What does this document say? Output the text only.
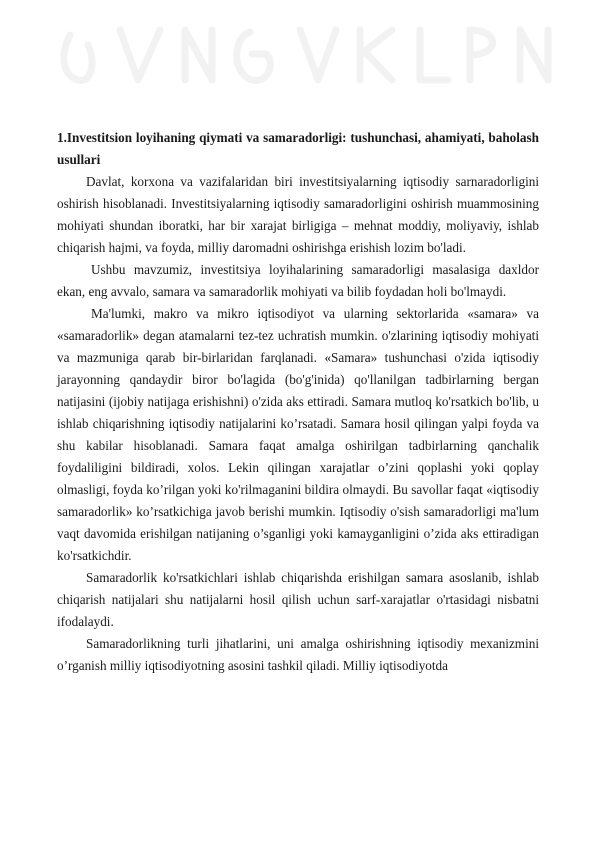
1.Investitsion loyihaning qiymati va samaradorligi: tushunchasi, ahamiyati, baholash usullari

Davlat, korxona va vazifalaridan biri investitsiyalarning iqtisodiy sarnaradorligini oshirish hisoblanadi. Investitsiyalarning iqtisodiy samaradorligini oshirish muammosining mohiyati shundan iboratki, har bir xarajat birligiga – mehnat moddiy, moliyaviy, ishlab chiqarish hajmi, va foyda, milliy daromadni oshirishga erishish lozim bo'ladi.

Ushbu mavzumiz, investitsiya loyihalarining samaradorligi masalasiga daxldor ekan, eng avvalo, samara va samaradorlik mohiyati va bilib foydadan holi bo'lmaydi.

Ma'lumki, makro va mikro iqtisodiyot va ularning sektorlarida «samara» va «samaradorlik» degan atamalarni tez-tez uchratish mumkin. o'zlarining iqtisodiy mohiyati va mazmuniga qarab bir-birlaridan farqlanadi. «Samara» tushunchasi o'zida iqtisodiy jarayonning qandaydir biror bo'lagida (bo'g'inida) qo'llanilgan tadbirlarning bergan natijasini (ijobiy natijaga erishishni) o'zida aks ettiradi. Samara mutloq ko'rsatkich bo'lib, u ishlab chiqarishning iqtisodiy natijalarini ko’rsatadi. Samara hosil qilingan yalpi foyda va shu kabilar hisoblanadi. Samara faqat amalga oshirilgan tadbirlarning qanchalik foydaliligini bildiradi, xolos. Lekin qilingan xarajatlar o’zini qoplashi yoki qoplay olmasligi, foyda ko’rilgan yoki ko'rilmaganini bildira olmaydi. Bu savollar faqat «iqtisodiy samaradorlik» ko’rsatkichiga javob berishi mumkin. Iqtisodiy o'sish samaradorligi ma'lum vaqt davomida erishilgan natijaning o’sganligi yoki kamayganligini o’zida aks ettiradigan ko'rsatkichdir.

Samaradorlik ko'rsatkichlari ishlab chiqarishda erishilgan samara asoslanib, ishlab chiqarish natijalari shu natijalarni hosil qilish uchun sarf-xarajatlar o'rtasidagi nisbatni ifodalaydi.

Samaradorlikning turli jihatlarini, uni amalga oshirishning iqtisodiy mexanizmini o’rganish milliy iqtisodiyotning asosini tashkil qiladi. Milliy iqtisodiyotda
